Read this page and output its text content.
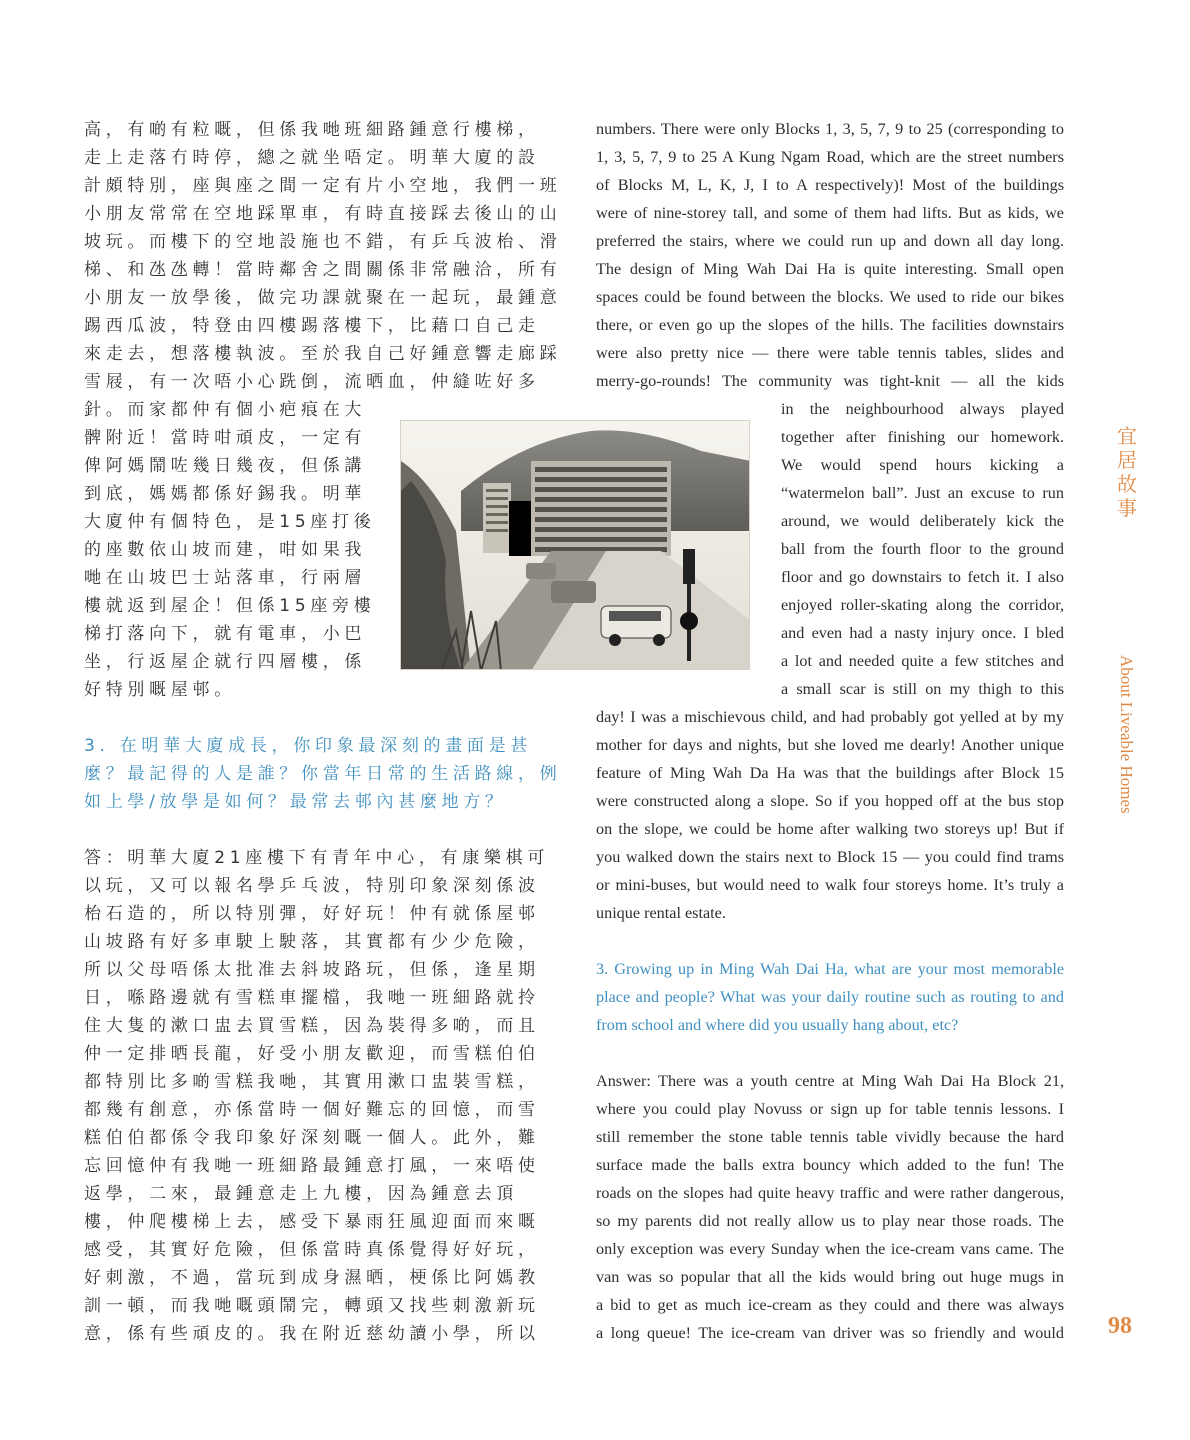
高，有啲有粒嘅，但係我哋班細路鍾意行樓梯，
走上走落冇時停，總之就坐唔定。明華大廈的設
計頗特別，座與座之間一定有片小空地，我們一班
小朋友常常在空地踩單車，有時直接踩去後山的山
坡玩。而樓下的空地設施也不錯，有乒乓波枱、滑
梯、和氹氹轉！當時鄰舍之間關係非常融洽，所有
小朋友一放學後，做完功課就聚在一起玩，最鍾意
踢西瓜波，特登由四樓踢落樓下，比藉口自己走
來走去，想落樓執波。至於我自己好鍾意響走廊踩
雪屐，有一次唔小心跣倒，流晒血，仲縫咗好多
針。而家都仲有個小疤痕在大
髀附近！當時咁頑皮，一定有
俾阿媽鬧咗幾日幾夜，但係講
到底，媽媽都係好錫我。明華
大廈仲有個特色，是15座打後
的座數依山坡而建，咁如果我
哋在山坡巴士站落車，行兩層
樓就返到屋企！但係15座旁樓
梯打落向下，就有電車，小巴
坐，行返屋企就行四層樓，係
好特別嘅屋邨。
3. 在明華大廈成長，你印象最深刻的畫面是甚
麼？最記得的人是誰？你當年日常的生活路線，例
如上學/放學是如何？最常去邨內甚麼地方？
答：明華大廈21座樓下有青年中心，有康樂棋可
以玩，又可以報名學乒乓波，特別印象深刻係波
枱石造的，所以特別彈，好好玩！仲有就係屋邨
山坡路有好多車駛上駛落，其實都有少少危險，
所以父母唔係太批准去斜坡路玩，但係，逢星期
日，喺路邊就有雪糕車擺檔，我哋一班細路就拎
住大隻的漱口盅去買雪糕，因為裝得多啲，而且
仲一定排晒長龍，好受小朋友歡迎，而雪糕伯伯
都特別比多啲雪糕我哋，其實用漱口盅裝雪糕，
都幾有創意，亦係當時一個好難忘的回憶，而雪
糕伯伯都係令我印象好深刻嘅一個人。此外，難
忘回憶仲有我哋一班細路最鍾意打風，一來唔使
返學，二來，最鍾意走上九樓，因為鍾意去頂
樓，仲爬樓梯上去，感受下暴雨狂風迎面而來嘅
感受，其實好危險，但係當時真係覺得好好玩，
好刺激，不過，當玩到成身濕晒，梗係比阿媽教
訓一頓，而我哋嘅頭鬧完，轉頭又找些刺激新玩
意，係有些頑皮的。我在附近慈幼讀小學，所以
numbers. There were only Blocks 1, 3, 5, 7, 9 to 25 (corresponding to
1, 3, 5, 7, 9 to 25 A Kung Ngam Road, which are the street numbers
of Blocks M, L, K, J, I to A respectively)! Most of the buildings
were of nine-storey tall, and some of them had lifts. But as kids, we
preferred the stairs, where we could run up and down all day long.
The design of Ming Wah Dai Ha is quite interesting. Small open
spaces could be found between the blocks. We used to ride our bikes
there, or even go up the slopes of the hills. The facilities downstairs
were also pretty nice — there were table tennis tables, slides and
merry-go-rounds! The community was tight-knit — all the kids
in the neighbourhood always played
together after finishing our homework.
We would spend hours kicking a
“watermelon ball”. Just an excuse to run
around, we would deliberately kick the
ball from the fourth floor to the ground
floor and go downstairs to fetch it. I also
enjoyed roller-skating along the corridor,
and even had a nasty injury once. I bled
a lot and needed quite a few stitches and
a small scar is still on my thigh to this
day! I was a mischievous child, and had probably got yelled at by my
mother for days and nights, but she loved me dearly! Another unique
feature of Ming Wah Da Ha was that the buildings after Block 15
were constructed along a slope. So if you hopped off at the bus stop
on the slope, we could be home after walking two storeys up! But if
you walked down the stairs next to Block 15 — you could find trams
or mini-buses, but would need to walk four storeys home. It’s truly a
unique rental estate.
3. Growing up in Ming Wah Dai Ha, what are your most memorable
place and people? What was your daily routine such as routing to and
from school and where did you usually hang about, etc?
Answer: There was a youth centre at Ming Wah Dai Ha Block 21,
where you could play Novuss or sign up for table tennis lessons. I
still remember the stone table tennis table vividly because the hard
surface made the balls extra bouncy which added to the fun! The
roads on the slopes had quite heavy traffic and were rather dangerous,
so my parents did not really allow us to play near those roads. The
only exception was every Sunday when the ice-cream vans came. The
van was so popular that all the kids would bring out huge mugs in
a bid to get as much ice-cream as they could and there was always
a long queue! The ice-cream van driver was so friendly and would
宜
居
故
事
About Liveable Homes
98
